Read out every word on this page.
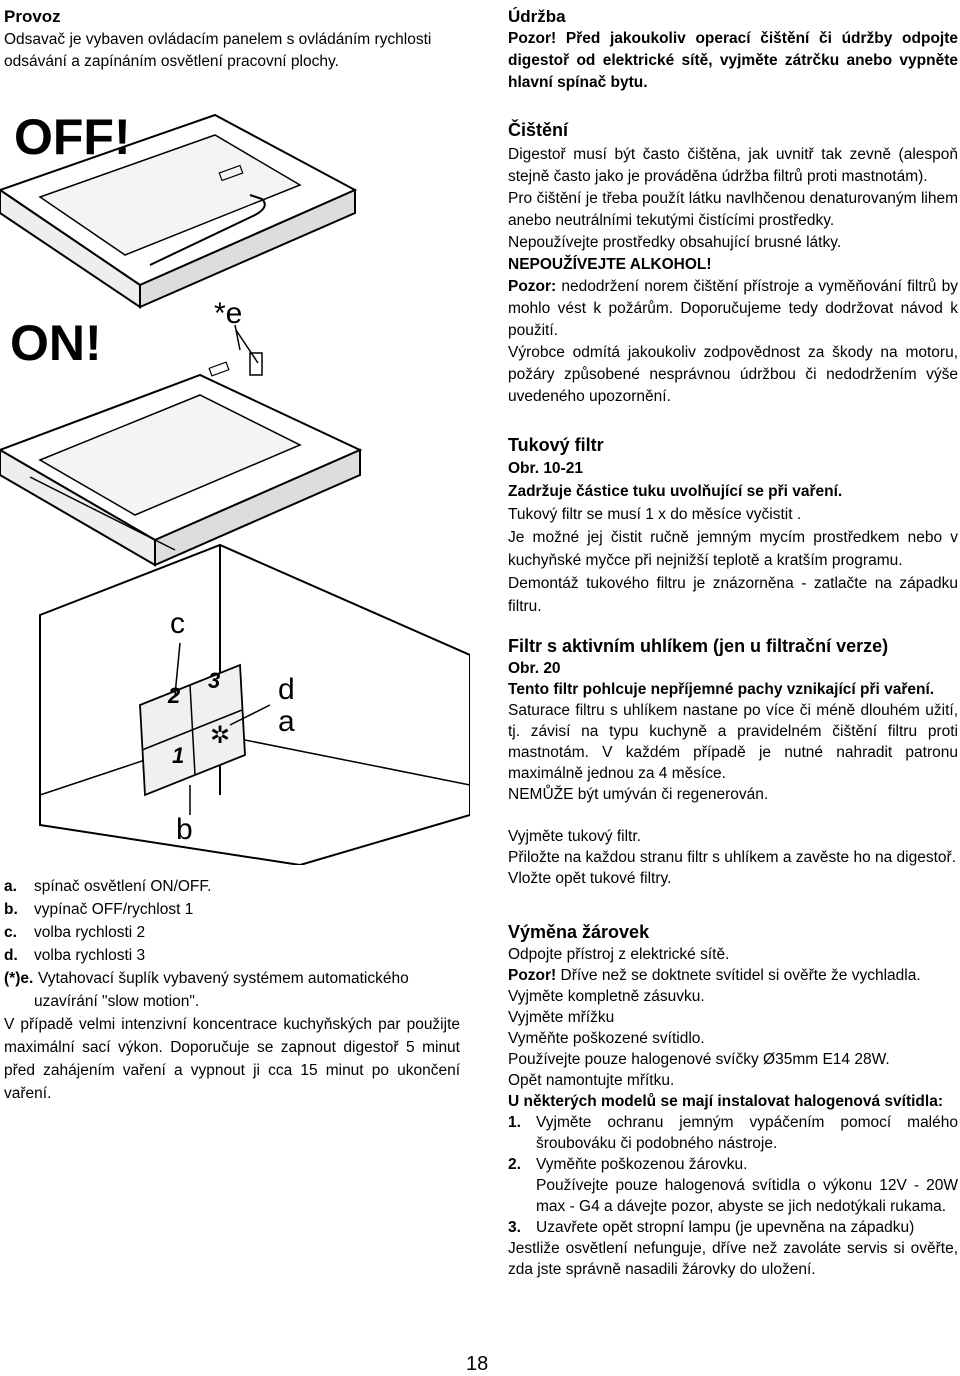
Provoz

Odsavač je vybaven ovládacím panelem s ovládáním rychlosti odsávání a zapínáním osvětlení pracovní plochy.

OFF!
ON!
*e
c
d
a
b
2
3
1
✲
a.	spínač osvětlení ON/OFF.
b.	vypínač OFF/rychlost 1
c.	volba rychlosti 2
d.	volba rychlosti 3
(*)e. Vytahovací šuplík vybavený systémem automatického
uzavírání "slow motion".

V případě velmi intenzivní koncentrace kuchyňských par použijte maximální sací výkon. Doporučuje se zapnout digestoř 5 minut před zahájením vaření a vypnout ji cca 15 minut po ukončení vaření.

Údržba

Pozor! Před jakoukoliv operací čištění či údržby odpojte digestoř od elektrické sítě, vyjměte zátrčku anebo vypněte hlavní spínač bytu.

Čištění

Digestoř musí být často čištěna, jak uvnitř tak zevně (alespoň stejně často jako je prováděna údržba filtrů proti mastnotám).

Pro čištění je třeba použít látku navlhčenou denaturovaným lihem anebo neutrálními tekutými čistícími prostředky.

Nepoužívejte prostředky obsahující brusné látky.

NEPOUŽÍVEJTE ALKOHOL!

Pozor: nedodržení norem čištění přístroje a vyměňování filtrů by mohlo vést k požárům. Doporučujeme tedy dodržovat návod k použití.

Výrobce odmítá jakoukoliv zodpovědnost za škody na motoru, požáry způsobené nesprávnou údržbou či nedodržením výše uvedeného upozornění.

Tukový filtr

Obr. 10-21

Zadržuje částice tuku uvolňující se při vaření.

Tukový filtr se musí 1 x do měsíce vyčistit .

Je možné jej čistit ručně jemným mycím prostředkem nebo v kuchyňské myčce při nejnižší teplotě a kratším programu.

Demontáž tukového filtru je znázorněna - zatlačte na západku filtru.

Filtr s aktivním uhlíkem (jen u filtrační verze)

Obr. 20

Tento filtr pohlcuje nepříjemné pachy vznikající při vaření.

Saturace filtru s uhlíkem nastane po více či méně dlouhém užití, tj. závisí na typu kuchyně a pravidelném čištění filtru proti mastnotám. V každém případě je nutné nahradit patronu maximálně jednou za 4 měsíce.

NEMŮŽE být umýván či regenerován.

Vyjměte tukový filtr.

Přiložte na každou stranu filtr s uhlíkem a zavěste ho na digestoř.

Vložte opět tukové filtry.

Výměna žárovek

Odpojte přístroj z elektrické sítě.

Pozor! Dříve než se doktnete svítidel si ověřte že vychladla.

Vyjměte kompletně zásuvku.

Vyjměte mřížku

Vyměňte poškozené svítidlo.

Používejte pouze halogenové svíčky Ø35mm E14 28W.

Opět namontujte mřítku.

U některých modelů se mají instalovat halogenová svítidla:

1. Vyjměte ochranu jemným vypáčením pomocí malého šroubováku či podobného nástroje.
2. Vyměňte poškozenou žárovku.
Používejte pouze halogenová svítidla o výkonu 12V - 20W max - G4 a dávejte pozor, abyste se jich nedotýkali rukama.
3. Uzavřete opět stropní lampu (je upevněna na západku)

Jestliže osvětlení nefunguje, dříve než zavoláte servis si ověřte, zda jste správně nasadili žárovky do uložení.

18
